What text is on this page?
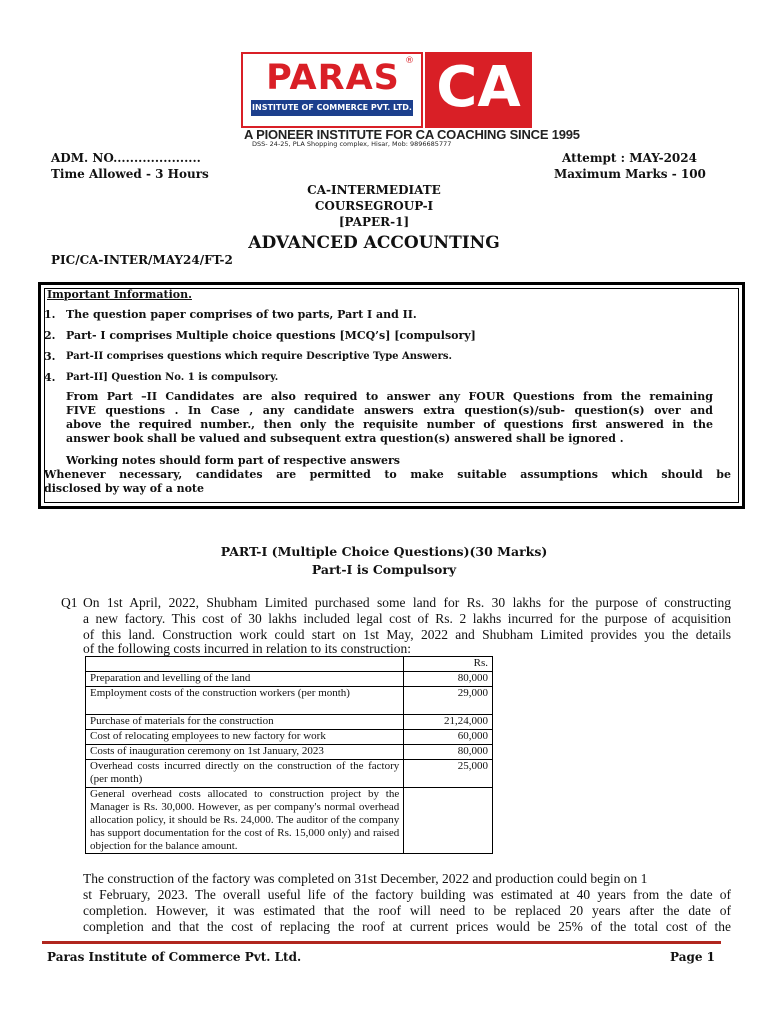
PARAS ®
INSTITUTE OF COMMERCE PVT. LTD. CA
A PIONEER INSTITUTE FOR CA COACHING SINCE 1995
DSS- 24-25, PLA Shopping complex, Hisar, Mob: 9896685777
ADM. NO.....................	Attempt : MAY-2024
Time Allowed - 3 Hours	Maximum Marks - 100
CA-INTERMEDIATE
COURSEGROUP-I
[PAPER-1]
ADVANCED ACCOUNTING
PIC/CA-INTER/MAY24/FT-2
Important Information.
1. The question paper comprises of two parts, Part I and II.
2. Part- I comprises Multiple choice questions [MCQ’s] [compulsory]
3. Part-II comprises questions which require Descriptive Type Answers.
4. Part-II] Question No. 1 is compulsory.
From Part –II Candidates are also required to answer any FOUR Questions from the remaining
FIVE questions . In Case , any candidate answers extra question(s)/sub- question(s) over and
above the required number., then only the requisite number of questions first answered in the
answer book shall be valued and subsequent extra question(s) answered shall be ignored .
Working notes should form part of respective answers
Whenever necessary, candidates are permitted to make suitable assumptions which should be
disclosed by way of a note
PART-I (Multiple Choice Questions)(30 Marks)
Part-I is Compulsory
Q1 On 1st April, 2022, Shubham Limited purchased some land for Rs. 30 lakhs for the purpose of constructing
a new factory. This cost of 30 lakhs included legal cost of Rs. 2 lakhs incurred for the purpose of acquisition
of this land. Construction work could start on 1st May, 2022 and Shubham Limited provides you the details
of the following costs incurred in relation to its construction:
	Rs.
Preparation and levelling of the land	80,000
Employment costs of the construction workers (per month)	29,000
Purchase of materials for the construction	21,24,000
Cost of relocating employees to new factory for work	60,000
Costs of inauguration ceremony on 1st January, 2023	80,000
Overhead costs incurred directly on the construction of the factory (per month)	25,000
General overhead costs allocated to construction project by the Manager is Rs. 30,000. However, as per company's normal overhead allocation policy, it should be Rs. 24,000. The auditor of the company has support documentation for the cost of Rs. 15,000 only) and raised objection for the balance amount.	
The construction of the factory was completed on 31st December, 2022 and production could begin on 1
st February, 2023. The overall useful life of the factory building was estimated at 40 years from the date of
completion. However, it was estimated that the roof will need to be replaced 20 years after the date of
completion and that the cost of replacing the roof at current prices would be 25% of the total cost of the
Paras Institute of Commerce Pvt. Ltd.	Page 1
